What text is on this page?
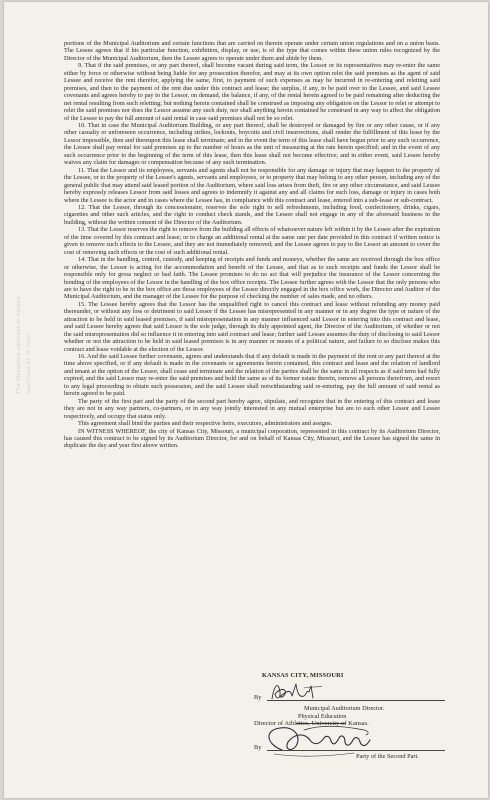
The foregoing contract is hereby approved as to form

portions of the Municipal Auditorium and certain functions that are carried on therein operate under certain union regulations and on a union basis. The Lessee agrees that if his particular function, exhibition, display, or use, is of the type that comes within these union rules recognized by the Director of the Municipal Auditorium, then the Lessee agrees to operate under them and abide by them.

9. That if the said premises, or any part thereof, shall become vacant during said term, the Lessor or its representatives may re-enter the same either by force or otherwise without being liable for any prosecution therefor, and may at its own option relet the said premises as the agent of said Lessee and receive the rent therefor, applying the same, first, to payment of such expenses as may be incurred in re-entering and reletting said premises, and then to the payment of the rent due under this contract and lease; the surplus, if any, to be paid over to the Lessee, and said Lessee covenants and agrees hereby to pay to the Lessor, on demand, the balance, if any, of the rental herein agreed to be paid remaining after deducting the net rental resulting from such reletting; but nothing herein contained shall be construed as imposing any obligation on the Lessor to relet or attempt to relet the said premises nor does the Lessor assume any such duty, nor shall anything herein contained be construed in any way to affect the obligation of the Lessee to pay the full amount of said rental in case said premises shall not be so relet.

10. That in case the Municipal Auditorium Building, or any part thereof, shall be destroyed or damaged by fire or any other cause, or if any other casualty or unforeseen occurrence, including strikes, lockouts, boycotts and civil insurrections, shall render the fulfillment of this lease by the Lessor impossible, then and thereupon this lease shall terminate; and in the event the term of this lease shall have begun prior to any such occurrence, the Lessee shall pay rental for said premises up to the number of hours as the unit of measuring at the rate herein specified; and in the event of any such occurrence prior to the beginning of the term of this lease, then this lease shall not become effective; and in either event, said Lessee hereby waives any claim for damages or compensation because of any such termination.

11. That the Lessor and its employees, servants and agents shall not be responsible for any damage or injury that may happen to the property of the Lessee, or to the property of the Lessee's agents, servants and employees, or to property that may belong to any other person, including any of the general public that may attend said leased portion of the Auditorium, where said loss arises from theft, fire or any other circumstance, and said Lessee hereby expressly releases Lessor from said losses and agrees to indemnify it against any and all claims for such loss, damage or injury in cases both where the Lessee is the actor and in cases where the Lessee has, in compliance with this contract and lease, entered into a sub-lease or sub-contract.

12. That the Lessor, through its concessionaire, reserves the sole right to sell refreshments, including food, confectionery, drinks, cigars, cigarettes and other such articles, and the right to conduct check stands, and the Lessee shall not engage in any of the aforesaid business in the building, without the written consent of the Director of the Auditorium.

13. That the Lessor reserves the right to remove from the building all effects of whatsoever nature left within it by the Lessee after the expiration of the time covered by this contract and lease; or to charge an additional rental at the same rate per date provided in this contract if written notice is given to remove such effects to the Lessee, and they are not immediately removed; and the Lessee agrees to pay to the Lessor an amount to cover the cost of removing such effects or the cost of such additional rental.

14. That in the handling, control, custody, and keeping of receipts and funds and moneys, whether the same are received through the box office or otherwise, the Lessor is acting for the accommodation and benefit of the Lessee, and that as to such receipts and funds the Lessor shall be responsible only for gross neglect or bad faith. The Lessee promises to do no act that will prejudice the insurance of the Lessor concerning the bonding of the employees of the Lessor in the handling of the box office receipts. The Lessee further agrees with the Lessor that the only persons who are to have the right to be in the box office are those employees of the Lessor directly engaged in the box office work, the Director and Auditor of the Municipal Auditorium, and the manager of the Lessee for the purpose of checking the number of sales made, and no others.

15. The Lessee hereby agrees that the Lessor has the unqualified right to cancel this contract and lease without refunding any money paid thereunder, or without any loss or detriment to said Lessor if the Lessee has misrepresented in any manner or in any degree the type or nature of the attraction to be held in said leased premises, if said misrepresentation in any manner influenced said Lessor in entering into this contract and lease, and said Lessee hereby agrees that said Lessor is the sole judge, through its duly appointed agent, the Director of the Auditorium, of whether or not the said misrepresentation did so influence it in entering into said contract and lease; further said Lessee assumes the duty of disclosing to said Lessor whether or not the attraction to be held in said leased premises is in any manner or means of a political nature, and failure to so disclose makes this contract and lease voidable at the election of the Lessor.

16. And the said Lessee further covenants, agrees and understands that if any default is made in the payment of the rent or any part thereof at the time above specified, or if any default is made in the covenants or agreements herein contained, this contract and lease and the relation of landlord and tenant at the option of the Lessor, shall cease and terminate and the relation of the parties shall be the same in all respects as if said term had fully expired, and the said Lessor may re-enter the said premises and hold the same as of its former estate therein, remove all persons therefrom, and resort to any legal proceeding to obtain such possession, and the said Lessee shall notwithstanding said re-entering, pay the full amount of said rental as herein agreed to be paid.

The party of the first part and the party of the second part hereby agree, stipulate, and recognize that in the entering of this contract and lease they are not in any way partners, co-partners, or in any way jointly interested in any mutual enterprise but are to each other Lessor and Lessee respectively, and occupy that status only.

This agreement shall bind the parties and their respective heirs, executors, administrators and assigns.

IN WITNESS WHEREOF, the city of Kansas City, Missouri, a municipal corporation, represented in this contract by its Auditorium Director, has caused this contract to be signed by its Auditorium Director, for and on behalf of Kansas City, Missouri, and the Lessee has signed the same in duplicate the day and year first above written.

KANSAS CITY, MISSOURI
By
Municipal Auditorium Director.
Physical Education
Director of Athletics, University of Kansas.
By
Party of the Second Part.
